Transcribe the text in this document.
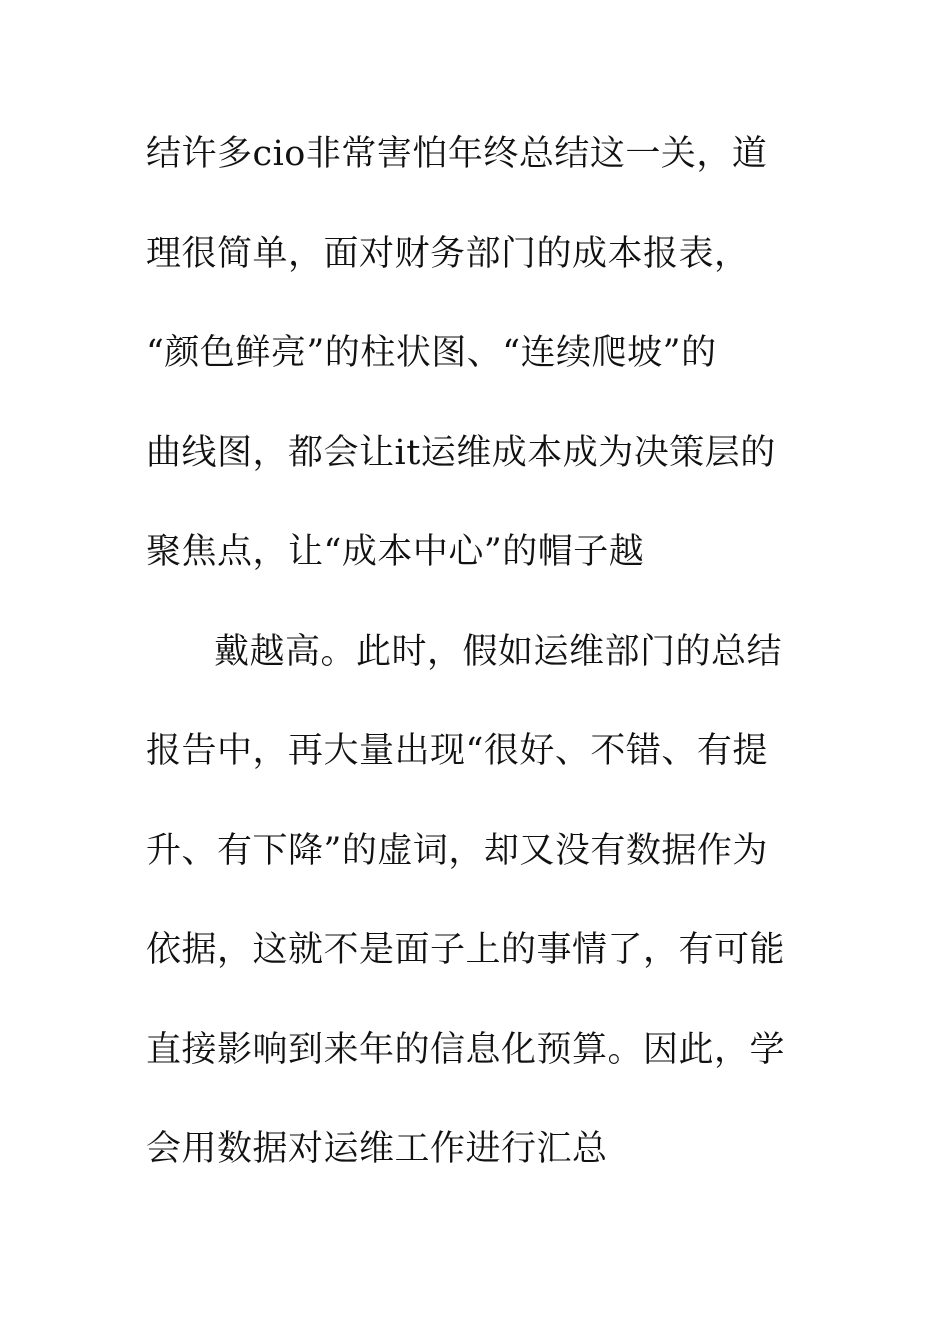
结许多cio非常害怕年终总结这一关，道
理很简单，面对财务部门的成本报表，
“颜色鲜亮”的柱状图、“连续爬坡”的
曲线图，都会让it运维成本成为决策层的
聚焦点，让“成本中心”的帽子越
戴越高。此时，假如运维部门的总结
报告中，再大量出现“很好、不错、有提
升、有下降”的虚词，却又没有数据作为
依据，这就不是面子上的事情了，有可能
直接影响到来年的信息化预算。因此，学
会用数据对运维工作进行汇总
